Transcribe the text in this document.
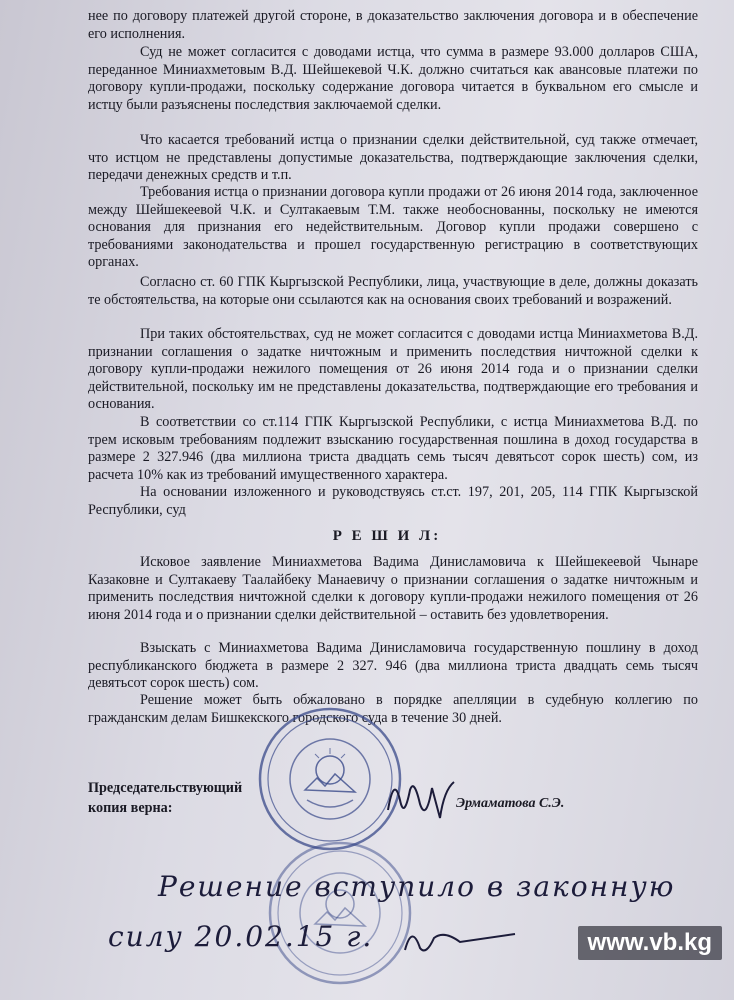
нее по договору платежей другой стороне, в доказательство заключения договора и в обеспечение его исполнения.

Суд не может согласится с доводами истца, что сумма в размере 93.000 долларов США, переданное Миниахметовым В.Д. Шейшекевой Ч.К. должно считаться как авансовые платежи по договору купли-продажи, поскольку содержание договора читается в буквальном его смысле и истцу были разъяснены последствия заключаемой сделки.

Что касается требований истца о признании сделки действительной, суд также отмечает, что истцом не представлены допустимые доказательства, подтверждающие заключения сделки, передачи денежных средств и т.п.

Требования истца о признании договора купли продажи от 26 июня 2014 года, заключенное между Шейшекеевой Ч.К. и Султакаевым Т.М. также необоснованны, поскольку не имеются основания для признания его недействительным. Договор купли продажи совершено с требованиями законодательства и прошел государственную регистрацию в соответствующих органах.

Согласно ст. 60 ГПК Кыргызской Республики, лица, участвующие в деле, должны доказать те обстоятельства, на которые они ссылаются как на основания своих требований и возражений.

При таких обстоятельствах, суд не может согласится с доводами истца Миниахметова В.Д. признании соглашения о задатке ничтожным и применить последствия ничтожной сделки к договору купли-продажи нежилого помещения от 26 июня 2014 года и о признании сделки действительной, поскольку им не представлены доказательства, подтверждающие его требования и основания.

В соответствии со ст.114 ГПК Кыргызской Республики, с истца Миниахметова В.Д. по трем исковым требованиям подлежит взысканию государственная пошлина в доход государства в размере 2 327.946 (два миллиона триста двадцать семь тысяч девятьсот сорок шесть) сом, из расчета 10% как из требований имущественного характера.

На основании изложенного и руководствуясь ст.ст. 197, 201, 205, 114 ГПК Кыргызской Республики, суд

Р Е Ш И Л:

Исковое заявление Миниахметова Вадима Динисламовича к Шейшекеевой Чынаре Казаковне и Султакаеву Таалайбеку Манаевичу о признании соглашения о задатке ничтожным и применить последствия ничтожной сделки к договору купли-продажи нежилого помещения от 26 июня 2014 года и о признании сделки действительной – оставить без удовлетворения.

Взыскать с Миниахметова Вадима Динисламовича государственную пошлину в доход республиканского бюджета в размере 2 327. 946 (два миллиона триста двадцать семь тысяч девятьсот сорок шесть) сом.

Решение может быть обжаловано в порядке апелляции в судебную коллегию по гражданским делам Бишкекского городского суда в течение 30 дней.

Председательствующий
копия верна:	Эрмаматова С.Э.
Решение вступило в законную
силу 20.02.15 г.	www.vb.kg
